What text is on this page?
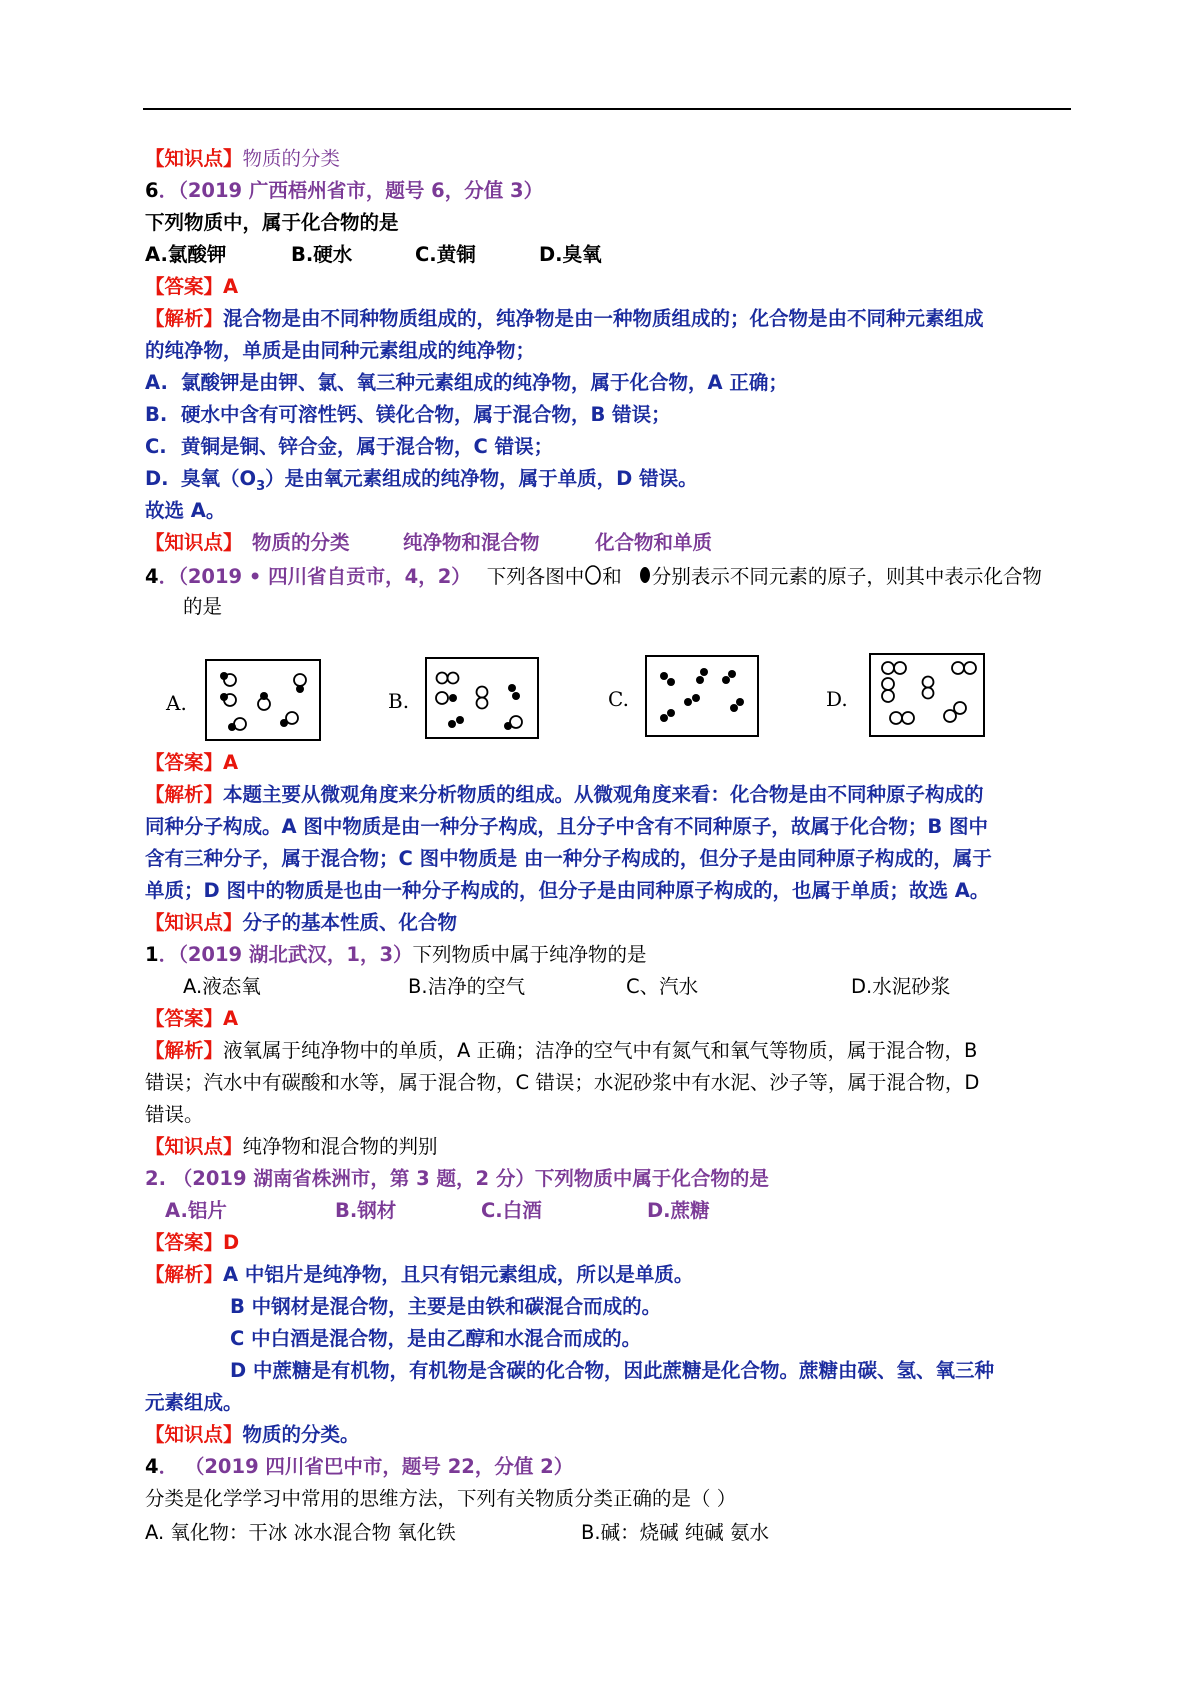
【知识点】物质的分类
6．（2019 广西梧州省市，题号 6，分值 3）
下列物质中，属于化合物的是
A.氯酸钾	B.硬水	C.黄铜	D.臭氧
【答案】A
【解析】混合物是由不同种物质组成的，纯净物是由一种物质组成的；化合物是由不同种元素组成
的纯净物，单质是由同种元素组成的纯净物；
A. 氯酸钾是由钾、氯、氧三种元素组成的纯净物，属于化合物，A 正确；
B. 硬水中含有可溶性钙、镁化合物，属于混合物，B 错误；
C. 黄铜是铜、锌合金，属于混合物，C 错误；
D. 臭氧$(O_3)$是由氧元素组成的纯净物，属于单质，D 错误。
故选 A。
【知识点】 物质的分类	纯净物和混合物	化合物和单质
4．（2019 • 四川省自贡市，4，2） 下列各图中 和 分别表示不同元素的原子，则其中表示化合物
的是
A.	B.	C.	D.
【答案】A
【解析】本题主要从微观角度来分析物质的组成。从微观角度来看：化合物是由不同种原子构成的
同种分子构成。A 图中物质是由一种分子构成，且分子中含有不同种原子，故属于化合物；B 图中
含有三种分子，属于混合物；C 图中物质是 由一种分子构成的，但分子是由同种原子构成的，属于
单质；D 图中的物质是也由一种分子构成的，但分子是由同种原子构成的，也属于单质；故选 A。
【知识点】分子的基本性质、化合物
1．（2019 湖北武汉，1，3）下列物质中属于纯净物的是
A.液态氧	B.洁净的空气	C、汽水	D.水泥砂浆
【答案】A
【解析】液氧属于纯净物中的单质，A 正确；洁净的空气中有氮气和氧气等物质，属于混合物，B
错误；汽水中有碳酸和水等，属于混合物，C 错误；水泥砂浆中有水泥、沙子等，属于混合物，D
错误。
【知识点】纯净物和混合物的判别
2. （2019 湖南省株洲市，第 3 题，2 分）下列物质中属于化合物的是
A.铝片	B.钢材	C.白酒	D.蔗糖
【答案】D
【解析】A 中铝片是纯净物，且只有铝元素组成，所以是单质。
B 中钢材是混合物，主要是由铁和碳混合而成的。
C 中白酒是混合物，是由乙醇和水混合而成的。
D 中蔗糖是有机物，有机物是含碳的化合物，因此蔗糖是化合物。蔗糖由碳、氢、氧三种
元素组成。
【知识点】物质的分类。
4． （2019 四川省巴中市，题号 22，分值 2）
分类是化学学习中常用的思维方法，下列有关物质分类正确的是（ ）
A. 氧化物：干冰 冰水混合物 氧化铁	B.碱：烧碱 纯碱 氨水
